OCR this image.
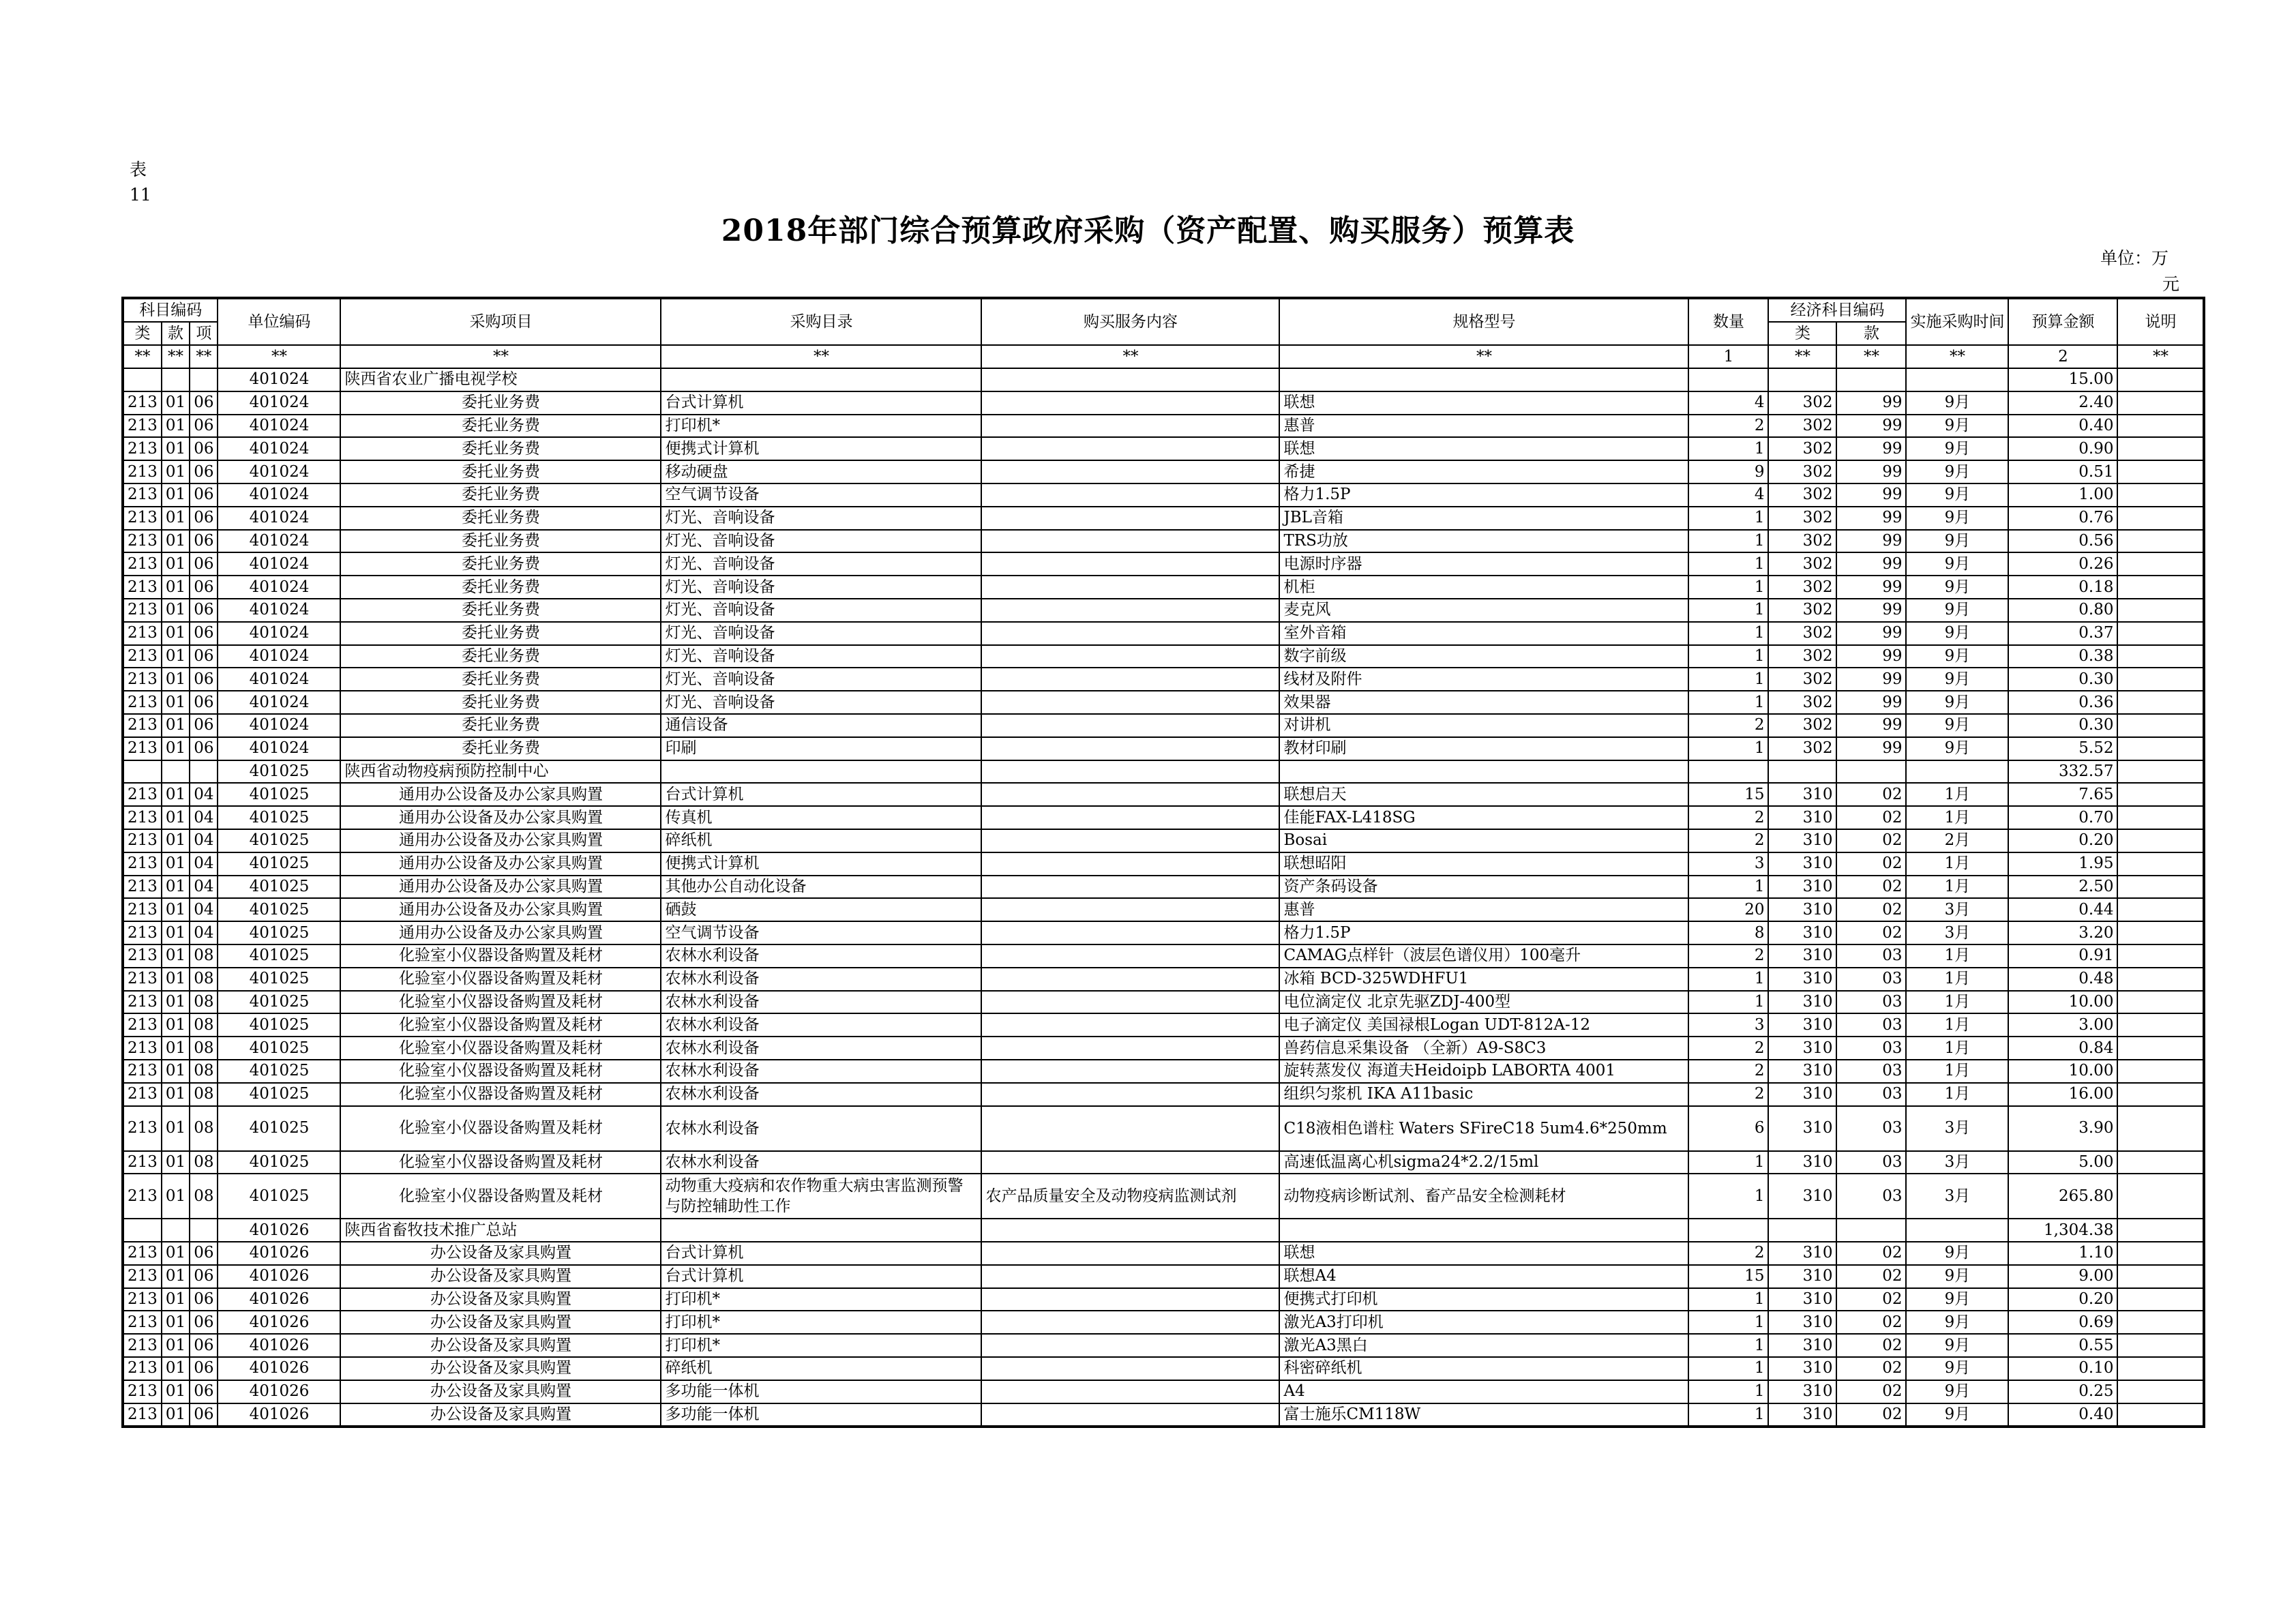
表
11
2018年部门综合预算政府采购（资产配置、购买服务）预算表
单位：万
元
科目编码			单位编码	采购项目	采购目录	购买服务内容	规格型号	数量	经济科目编码		实施采购时间	预算金额	说明
类	款	项							类	款			
**	**	**	**	**	**	**	**	1	**	**	**	2	**
			401024	陕西省农业广播电视学校								15.00	
213	01	06	401024	委托业务费	台式计算机		联想	4	302	99	9月	2.40	
213	01	06	401024	委托业务费	打印机*		惠普	2	302	99	9月	0.40	
213	01	06	401024	委托业务费	便携式计算机		联想	1	302	99	9月	0.90	
213	01	06	401024	委托业务费	移动硬盘		希捷	9	302	99	9月	0.51	
213	01	06	401024	委托业务费	空气调节设备		格力1.5P	4	302	99	9月	1.00	
213	01	06	401024	委托业务费	灯光、音响设备		JBL音箱	1	302	99	9月	0.76	
213	01	06	401024	委托业务费	灯光、音响设备		TRS功放	1	302	99	9月	0.56	
213	01	06	401024	委托业务费	灯光、音响设备		电源时序器	1	302	99	9月	0.26	
213	01	06	401024	委托业务费	灯光、音响设备		机柜	1	302	99	9月	0.18	
213	01	06	401024	委托业务费	灯光、音响设备		麦克风	1	302	99	9月	0.80	
213	01	06	401024	委托业务费	灯光、音响设备		室外音箱	1	302	99	9月	0.37	
213	01	06	401024	委托业务费	灯光、音响设备		数字前级	1	302	99	9月	0.38	
213	01	06	401024	委托业务费	灯光、音响设备		线材及附件	1	302	99	9月	0.30	
213	01	06	401024	委托业务费	灯光、音响设备		效果器	1	302	99	9月	0.36	
213	01	06	401024	委托业务费	通信设备		对讲机	2	302	99	9月	0.30	
213	01	06	401024	委托业务费	印刷		教材印刷	1	302	99	9月	5.52	
			401025	陕西省动物疫病预防控制中心								332.57	
213	01	04	401025	通用办公设备及办公家具购置	台式计算机		联想启天	15	310	02	1月	7.65	
213	01	04	401025	通用办公设备及办公家具购置	传真机		佳能FAX-L418SG	2	310	02	1月	0.70	
213	01	04	401025	通用办公设备及办公家具购置	碎纸机		Bosai	2	310	02	2月	0.20	
213	01	04	401025	通用办公设备及办公家具购置	便携式计算机		联想昭阳	3	310	02	1月	1.95	
213	01	04	401025	通用办公设备及办公家具购置	其他办公自动化设备		资产条码设备	1	310	02	1月	2.50	
213	01	04	401025	通用办公设备及办公家具购置	硒鼓		惠普	20	310	02	3月	0.44	
213	01	04	401025	通用办公设备及办公家具购置	空气调节设备		格力1.5P	8	310	02	3月	3.20	
213	01	08	401025	化验室小仪器设备购置及耗材	农林水利设备		CAMAG点样针（波层色谱仪用）100毫升	2	310	03	1月	0.91	
213	01	08	401025	化验室小仪器设备购置及耗材	农林水利设备		冰箱 BCD-325WDHFU1	1	310	03	1月	0.48	
213	01	08	401025	化验室小仪器设备购置及耗材	农林水利设备		电位滴定仪 北京先驱ZDJ-400型	1	310	03	1月	10.00	
213	01	08	401025	化验室小仪器设备购置及耗材	农林水利设备		电子滴定仪 美国禄根Logan UDT-812A-12	3	310	03	1月	3.00	
213	01	08	401025	化验室小仪器设备购置及耗材	农林水利设备		兽药信息采集设备 （全新）A9-S8C3	2	310	03	1月	0.84	
213	01	08	401025	化验室小仪器设备购置及耗材	农林水利设备		旋转蒸发仪 海道夫Heidoipb LABORTA 4001	2	310	03	1月	10.00	
213	01	08	401025	化验室小仪器设备购置及耗材	农林水利设备		组织匀浆机 IKA A11basic	2	310	03	1月	16.00	
213	01	08	401025	化验室小仪器设备购置及耗材	农林水利设备		C18液相色谱柱 Waters SFireC18 5um4.6*250mm	6	310	03	3月	3.90	
213	01	08	401025	化验室小仪器设备购置及耗材	农林水利设备		高速低温离心机sigma24*2.2/15ml	1	310	03	3月	5.00	
213	01	08	401025	化验室小仪器设备购置及耗材	动物重大疫病和农作物重大病虫害监测预警与防控辅助性工作	农产品质量安全及动物疫病监测试剂	动物疫病诊断试剂、畜产品安全检测耗材	1	310	03	3月	265.80	
			401026	陕西省畜牧技术推广总站								1,304.38	
213	01	06	401026	办公设备及家具购置	台式计算机		联想	2	310	02	9月	1.10	
213	01	06	401026	办公设备及家具购置	台式计算机		联想A4	15	310	02	9月	9.00	
213	01	06	401026	办公设备及家具购置	打印机*		便携式打印机	1	310	02	9月	0.20	
213	01	06	401026	办公设备及家具购置	打印机*		激光A3打印机	1	310	02	9月	0.69	
213	01	06	401026	办公设备及家具购置	打印机*		激光A3黑白	1	310	02	9月	0.55	
213	01	06	401026	办公设备及家具购置	碎纸机		科密碎纸机	1	310	02	9月	0.10	
213	01	06	401026	办公设备及家具购置	多功能一体机		A4	1	310	02	9月	0.25	
213	01	06	401026	办公设备及家具购置	多功能一体机		富士施乐CM118W	1	310	02	9月	0.40	
